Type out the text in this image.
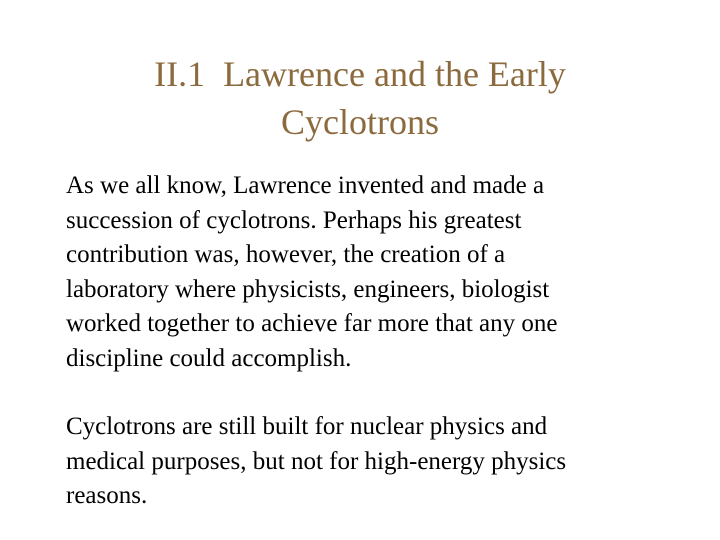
II.1  Lawrence and the Early
Cyclotrons

As we all know, Lawrence invented and made a
succession of cyclotrons. Perhaps his greatest
contribution was, however, the creation of a
laboratory where physicists, engineers, biologist
worked together to achieve far more that any one
discipline could accomplish.

Cyclotrons are still built for nuclear physics and
medical purposes, but not for high-energy physics
reasons.
